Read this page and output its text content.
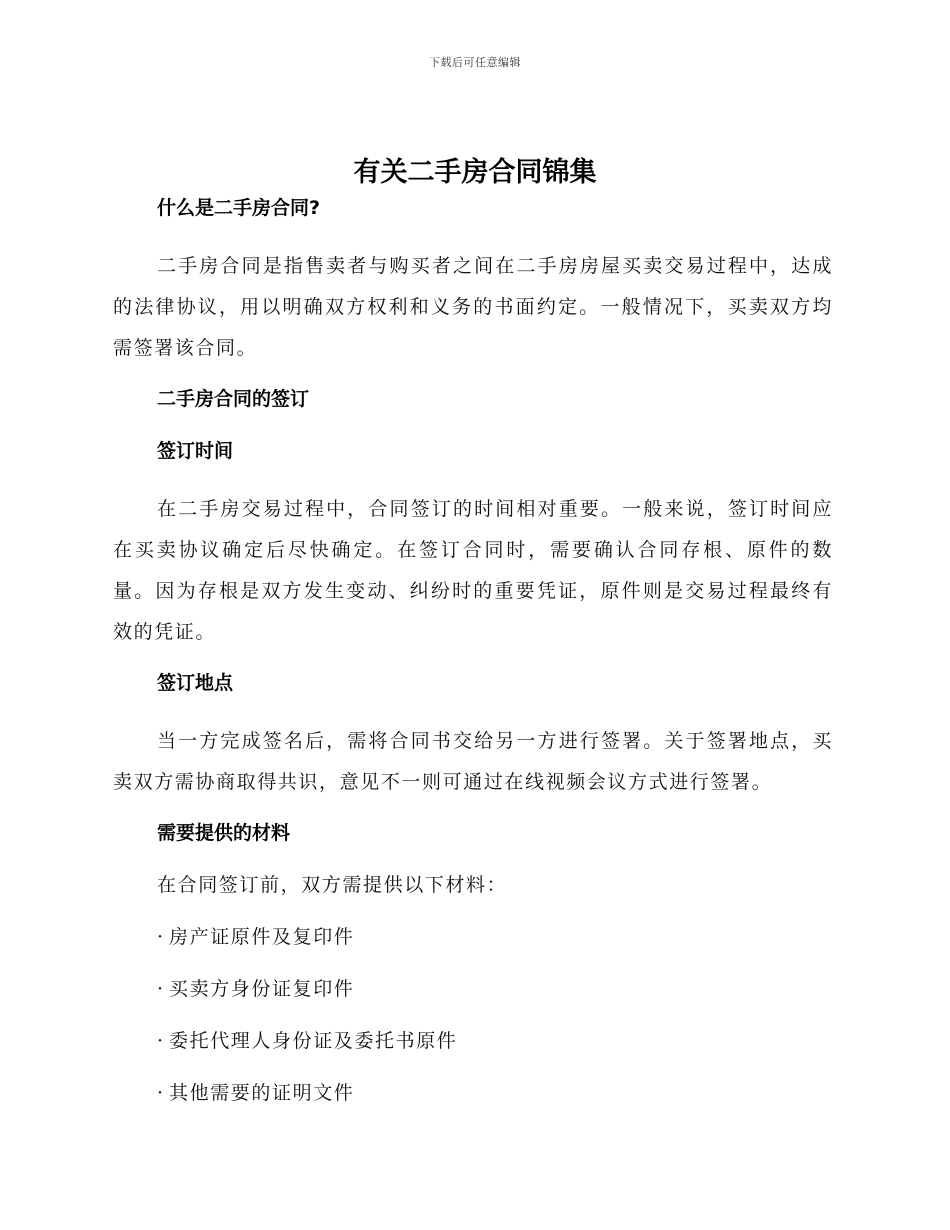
下载后可任意编辑
有关二手房合同锦集
什么是二手房合同?

二手房合同是指售卖者与购买者之间在二手房房屋买卖交易过程中，达成的法律协议，用以明确双方权利和义务的书面约定。一般情况下，买卖双方均需签署该合同。

二手房合同的签订
签订时间

在二手房交易过程中，合同签订的时间相对重要。一般来说，签订时间应在买卖协议确定后尽快确定。在签订合同时，需要确认合同存根、原件的数量。因为存根是双方发生变动、纠纷时的重要凭证，原件则是交易过程最终有效的凭证。

签订地点

当一方完成签名后，需将合同书交给另一方进行签署。关于签署地点，买卖双方需协商取得共识，意见不一则可通过在线视频会议方式进行签署。

需要提供的材料
在合同签订前，双方需提供以下材料：
· 房产证原件及复印件
· 买卖方身份证复印件
· 委托代理人身份证及委托书原件
· 其他需要的证明文件
